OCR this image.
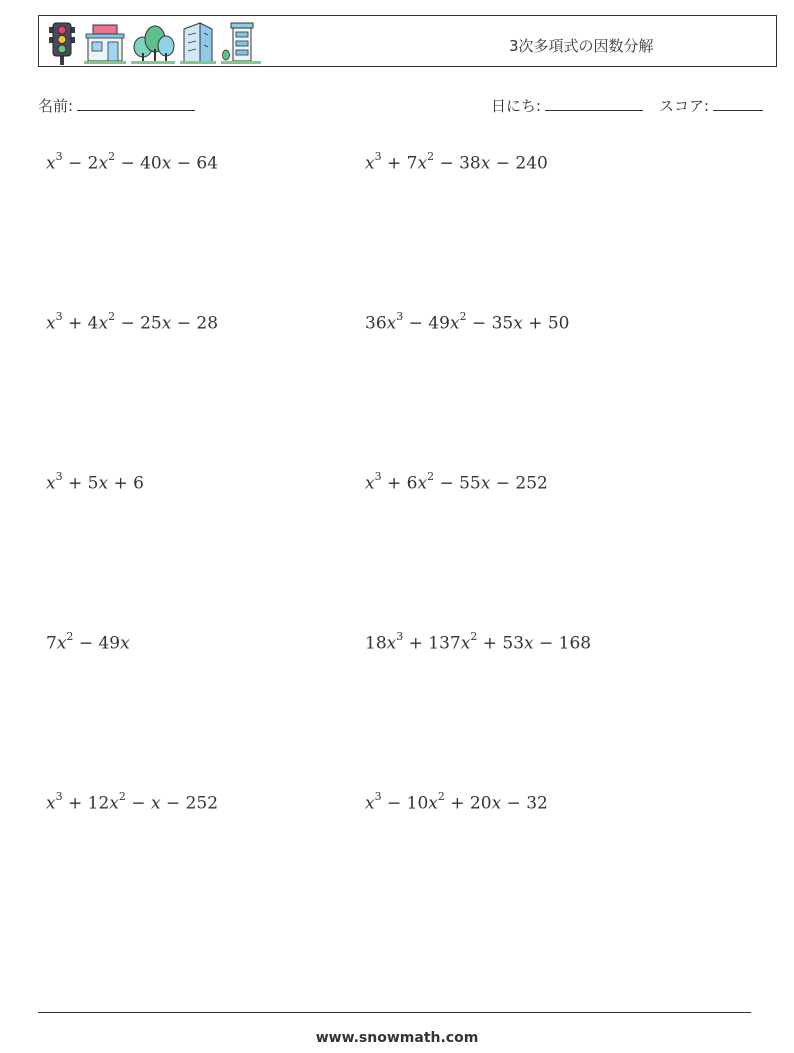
3次多項式の因数分解
名前:	日にち:	スコア:
$x^3 - 2x^2 - 40x - 64$	$x^3 + 7x^2 - 38x - 240$
$x^3 + 4x^2 - 25x - 28$	$36x^3 - 49x^2 - 35x + 50$
$x^3 + 5x + 6$	$x^3 + 6x^2 - 55x - 252$
$7x^2 - 49x$	$18x^3 + 137x^2 + 53x - 168$
$x^3 + 12x^2 - x - 252$	$x^3 - 10x^2 + 20x - 32$
www.snowmath.com
